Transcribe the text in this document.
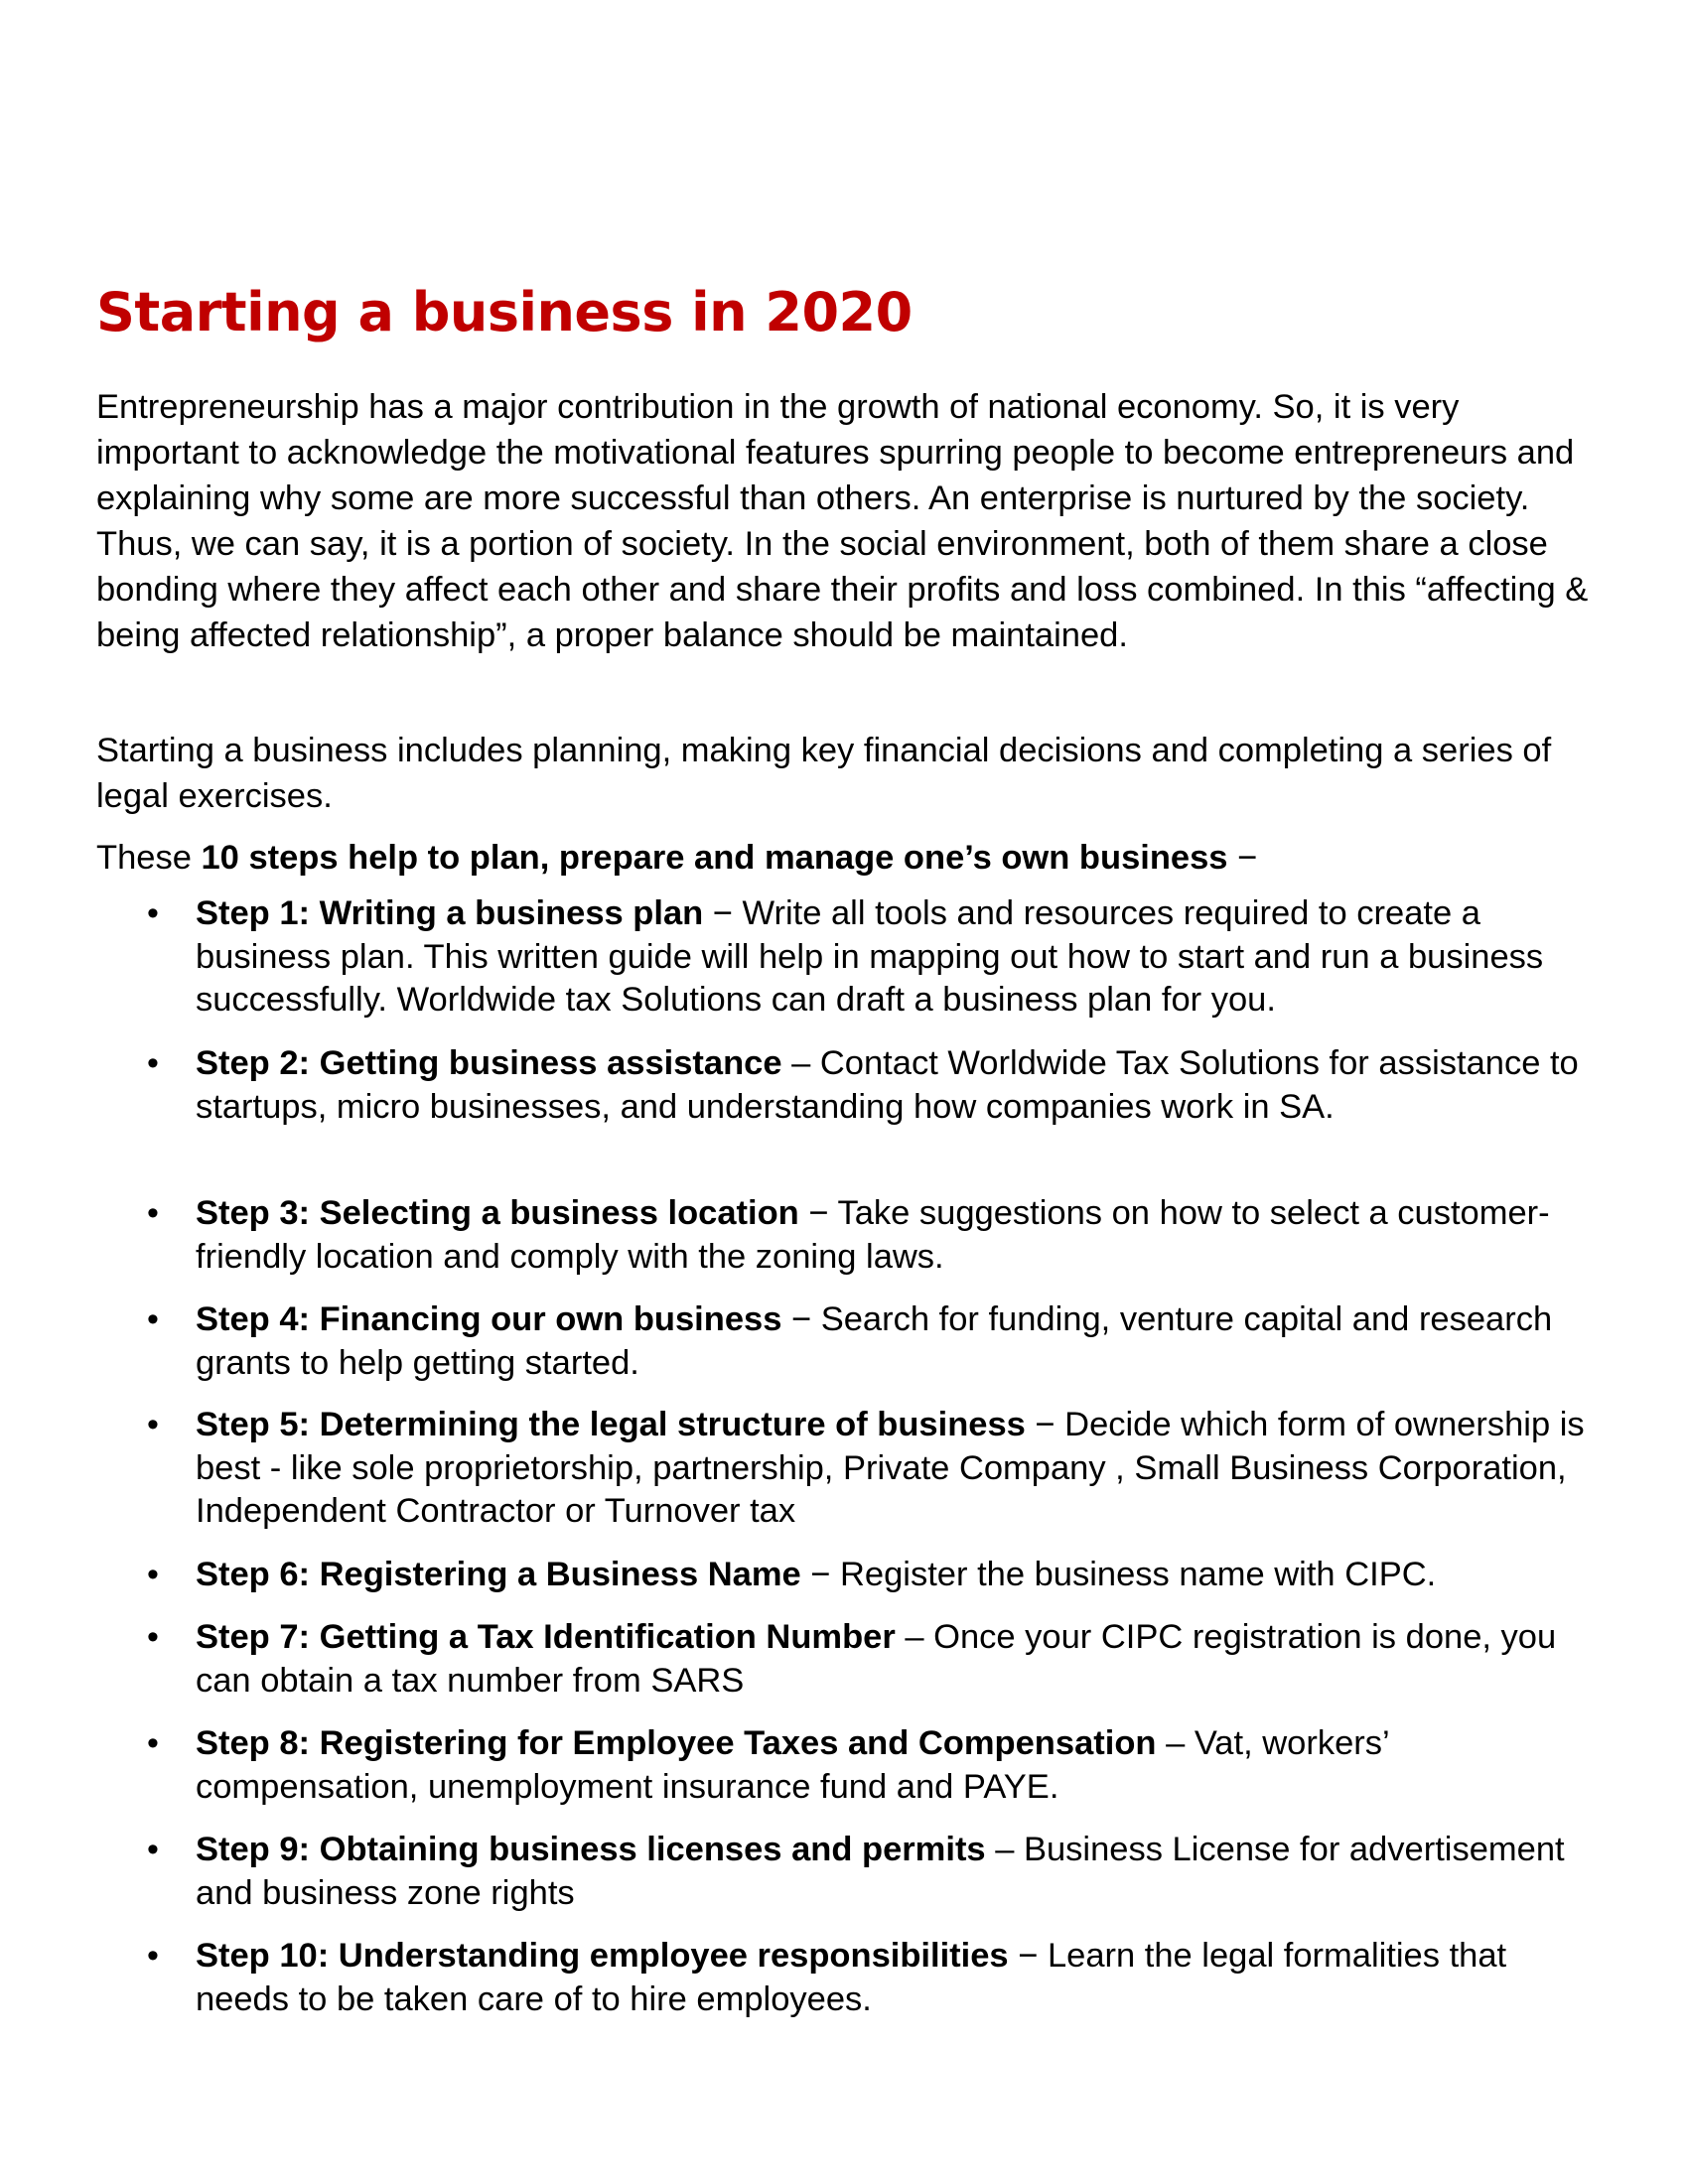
Starting a business in 2020

Entrepreneurship has a major contribution in the growth of national economy. So, it is very important to acknowledge the motivational features spurring people to become entrepreneurs and explaining why some are more successful than others. An enterprise is nurtured by the society. Thus, we can say, it is a portion of society. In the social environment, both of them share a close bonding where they affect each other and share their profits and loss combined. In this “affecting & being affected relationship”, a proper balance should be maintained.

Starting a business includes planning, making key financial decisions and completing a series of legal exercises.

These 10 steps help to plan, prepare and manage one’s own business −

• Step 1: Writing a business plan − Write all tools and resources required to create a business plan. This written guide will help in mapping out how to start and run a business successfully. Worldwide tax Solutions can draft a business plan for you.

• Step 2: Getting business assistance – Contact Worldwide Tax Solutions for assistance to startups, micro businesses, and understanding how companies work in SA.

• Step 3: Selecting a business location − Take suggestions on how to select a customer-friendly location and comply with the zoning laws.

• Step 4: Financing our own business − Search for funding, venture capital and research grants to help getting started.

• Step 5: Determining the legal structure of business − Decide which form of ownership is best - like sole proprietorship, partnership, Private Company , Small Business Corporation, Independent Contractor or Turnover tax

• Step 6: Registering a Business Name − Register the business name with CIPC.

• Step 7: Getting a Tax Identification Number – Once your CIPC registration is done, you can obtain a tax number from SARS

• Step 8: Registering for Employee Taxes and Compensation – Vat, workers’ compensation, unemployment insurance fund and PAYE.

• Step 9: Obtaining business licenses and permits – Business License for advertisement and business zone rights

• Step 10: Understanding employee responsibilities − Learn the legal formalities that needs to be taken care of to hire employees.
